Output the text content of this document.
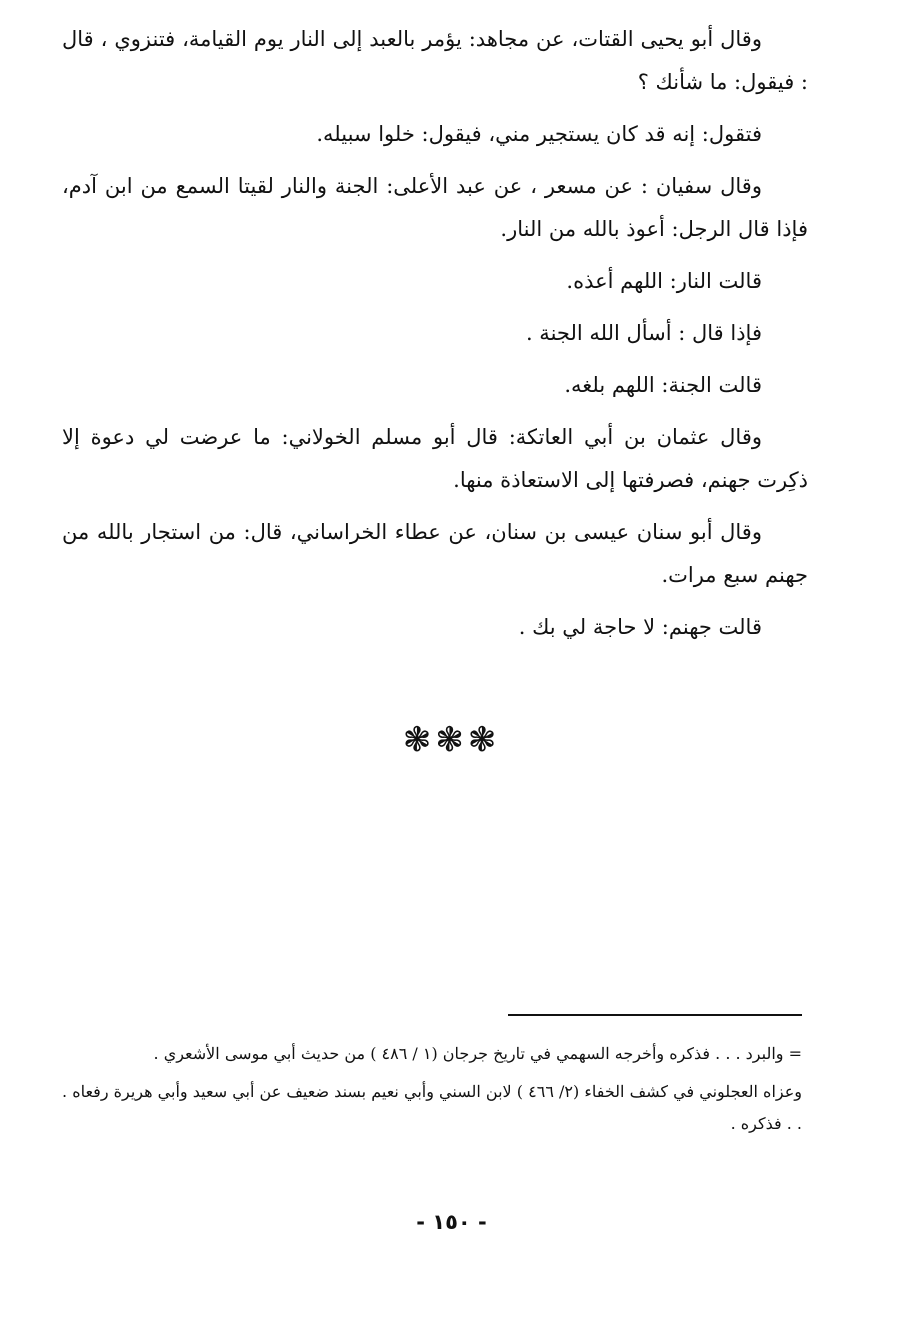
وقال أبو يحيى القتات، عن مجاهد: يؤمر بالعبد إلى النار يوم القيامة، فتنزوي ، قال : فيقول: ما شأنك ؟

فتقول: إنه قد كان يستجير مني، فيقول: خلوا سبيله.

وقال سفيان : عن مسعر ، عن عبد الأعلى: الجنة والنار لقيتا السمع من ابن آدم، فإذا قال الرجل: أعوذ بالله من النار.

قالت النار: اللهم أعذه.

فإذا قال : أسأل الله الجنة .

قالت الجنة: اللهم بلغه.

وقال عثمان بن أبي العاتكة: قال أبو مسلم الخولاني: ما عرضت لي دعوة إلا ذكِرت جهنم، فصرفتها إلى الاستعاذة منها.

وقال أبو سنان عيسى بن سنان، عن عطاء الخراساني، قال: من استجار بالله من جهنم سبع مرات.

قالت جهنم: لا حاجة لي بك .

❃❃❃

= والبرد . . . فذكره وأخرجه السهمي في تاريخ جرجان (١ / ٤٨٦ ) من حديث أبي موسى الأشعري .

وعزاه العجلوني في كشف الخفاء (٢/ ٤٦٦ ) لابن السني وأبي نعيم بسند ضعيف عن أبي سعيد وأبي هريرة رفعاه . . . فذكره .

- ١٥٠ -
